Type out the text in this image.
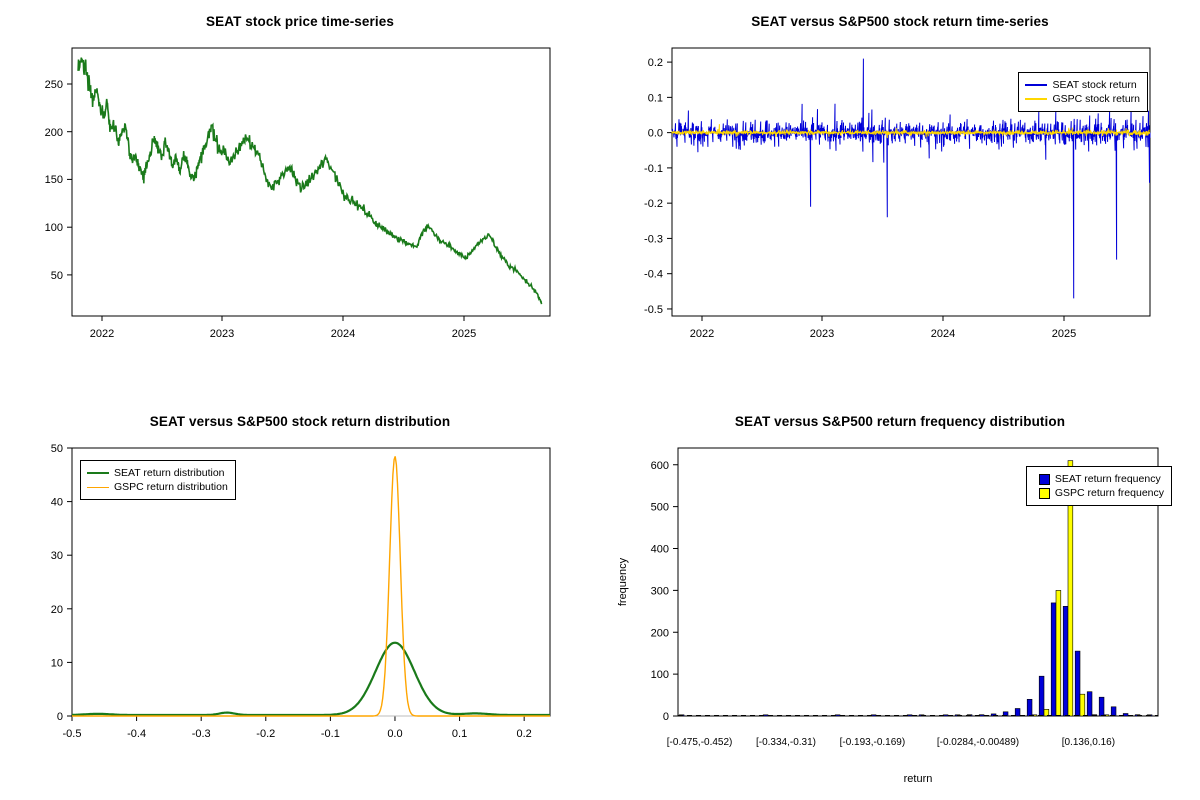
SEAT stock price time-series
50
100
150
200
250
2022	2023	2024	2025
SEAT versus S&P500 stock return time-series
-0.5
-0.4
-0.3
-0.2
-0.1
0.0
0.1
0.2
2022	2023	2024	2025
SEAT stock return
GSPC stock return
SEAT versus S&P500 stock return distribution
0
10
20
30
40
50
-0.5	-0.4	-0.3	-0.2	-0.1	0.0	0.1	0.2
SEAT return distribution
GSPC return distribution
SEAT versus S&P500 return frequency distribution
0
100
200
300
400
500
600
[-0.475,-0.452) [-0.334,-0.31) [-0.193,-0.169)	[-0.0284,-0.00489)	[0.136,0.16)
return
frequency
SEAT return frequency
GSPC return frequency
